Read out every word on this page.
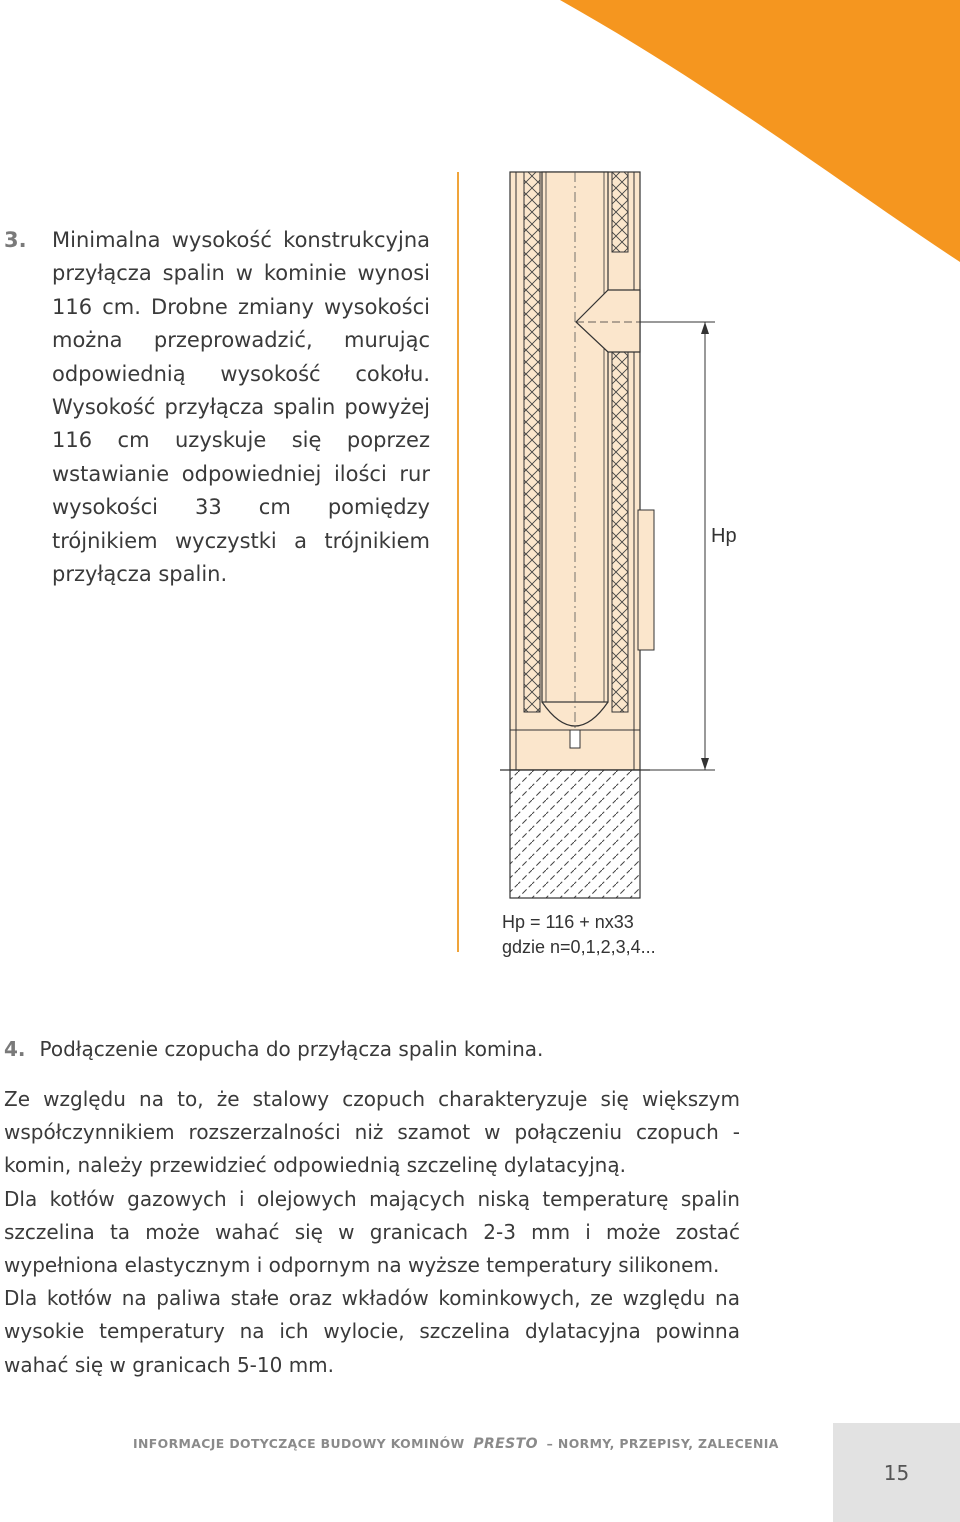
3. Minimalna wysokość konstrukcyjna przyłącza spalin w kominie wynosi 116 cm. Drobne zmiany wysokości można przeprowadzić, murując odpowiednią wysokość cokołu. Wysokość przyłącza spalin powyżej 116 cm uzyskuje się poprzez wstawianie odpowiedniej ilości rur wysokości 33 cm pomiędzy trójnikiem wyczystki a trójnikiem przyłącza spalin.
Hp
Hp = 116 + nx33
gdzie n=0,1,2,3,4...
4. Podłączenie czopucha do przyłącza spalin komina.

Ze względu na to, że stalowy czopuch charakteryzuje się większym współczynnikiem rozszerzalności niż szamot w połączeniu czopuch - komin, należy przewidzieć odpowiednią szczelinę dylatacyjną.

Dla kotłów gazowych i olejowych mających niską temperaturę spalin szczelina ta może wahać się w granicach 2-3 mm i może zostać wypełniona elastycznym i odpornym na wyższe temperatury silikonem.

Dla kotłów na paliwa stałe oraz wkładów kominkowych, ze względu na wysokie temperatury na ich wylocie, szczelina dylatacyjna powinna wahać się w granicach 5-10 mm.

INFORMACJE DOTYCZĄCE BUDOWY KOMINÓW PRESTO – NORMY, PRZEPISY, ZALECENIA
15
